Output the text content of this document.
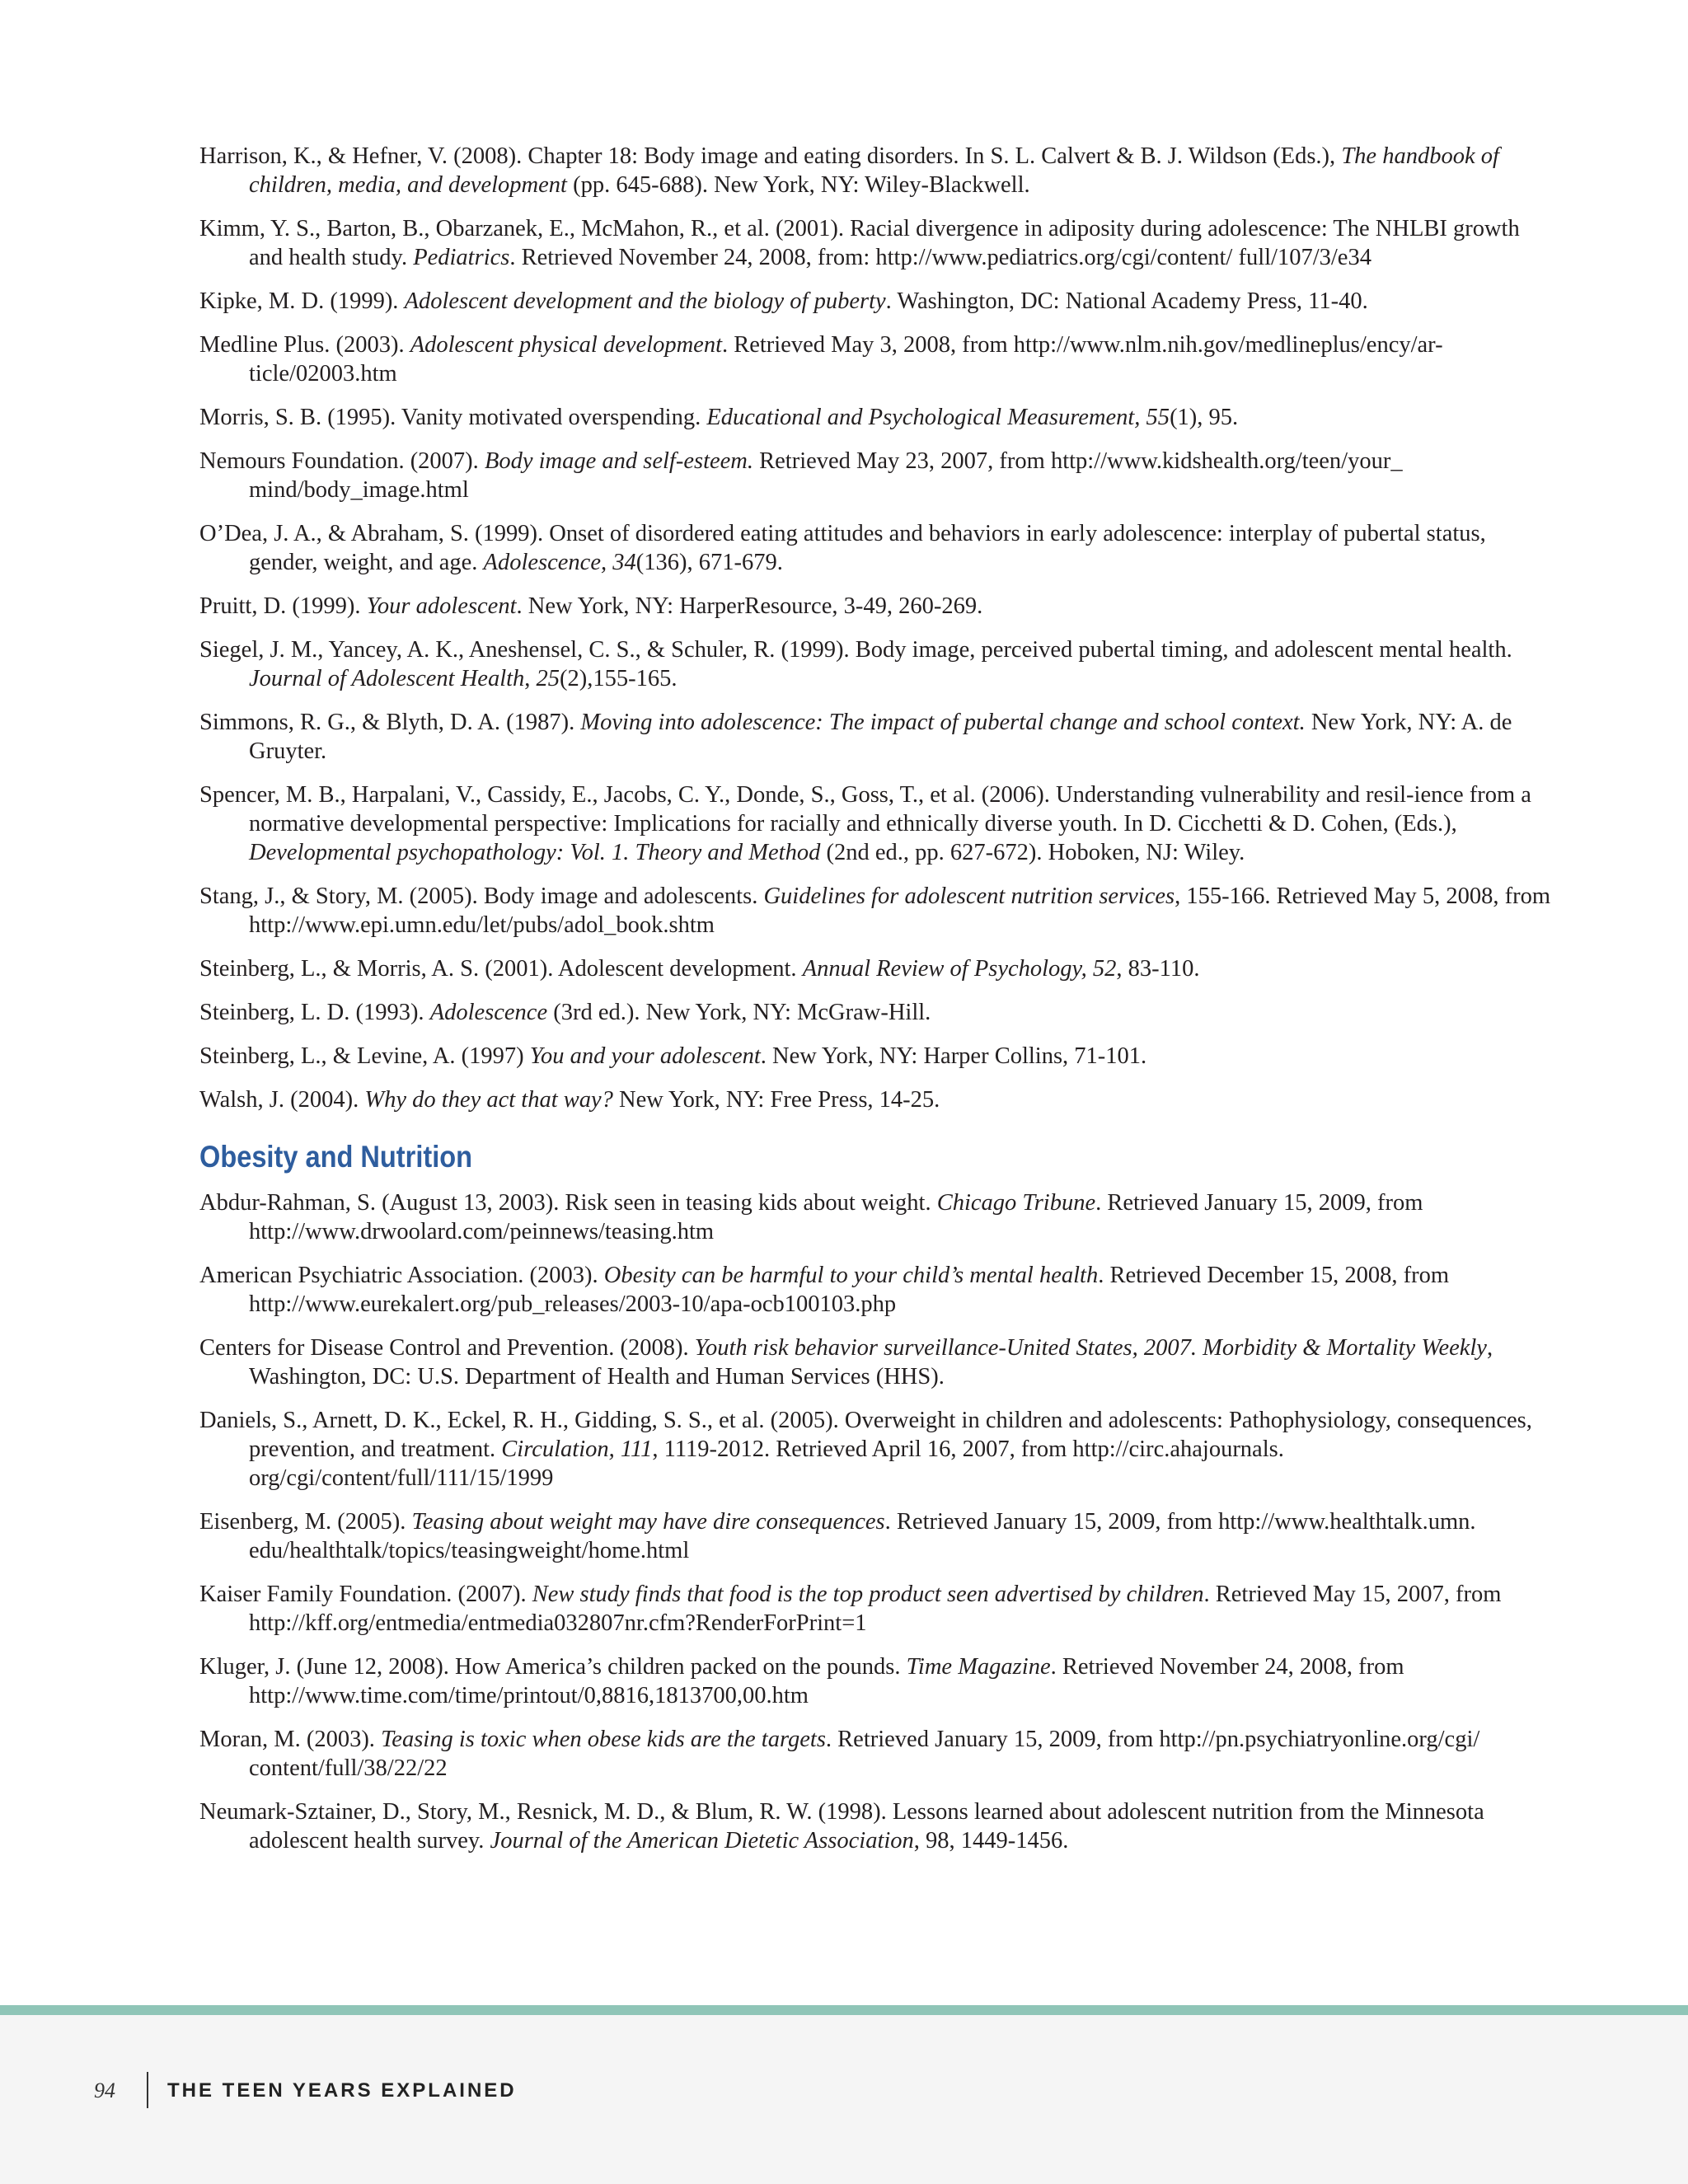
Harrison, K., & Hefner, V. (2008). Chapter 18: Body image and eating disorders. In S. L. Calvert & B. J. Wildson (Eds.), The handbook of children, media, and development (pp. 645-688). New York, NY: Wiley-Blackwell.
Kimm, Y. S., Barton, B., Obarzanek, E., McMahon, R., et al. (2001). Racial divergence in adiposity during adolescence: The NHLBI growth and health study. Pediatrics. Retrieved November 24, 2008, from: http://www.pediatrics.org/cgi/content/ full/107/3/e34
Kipke, M. D. (1999). Adolescent development and the biology of puberty. Washington, DC: National Academy Press, 11-40.
Medline Plus. (2003). Adolescent physical development. Retrieved May 3, 2008, from http://www.nlm.nih.gov/medlineplus/ency/ar-ticle/02003.htm
Morris, S. B. (1995). Vanity motivated overspending. Educational and Psychological Measurement, 55(1), 95.
Nemours Foundation. (2007). Body image and self-esteem. Retrieved May 23, 2007, from http://www.kidshealth.org/teen/your_ mind/body_image.html
O’Dea, J. A., & Abraham, S. (1999). Onset of disordered eating attitudes and behaviors in early adolescence: interplay of pubertal status, gender, weight, and age. Adolescence, 34(136), 671-679.
Pruitt, D. (1999). Your adolescent. New York, NY: HarperResource, 3-49, 260-269.
Siegel, J. M., Yancey, A. K., Aneshensel, C. S., & Schuler, R. (1999). Body image, perceived pubertal timing, and adolescent mental health. Journal of Adolescent Health, 25(2),155-165.
Simmons, R. G., & Blyth, D. A. (1987). Moving into adolescence: The impact of pubertal change and school context. New York, NY: A. de Gruyter.
Spencer, M. B., Harpalani, V., Cassidy, E., Jacobs, C. Y., Donde, S., Goss, T., et al. (2006). Understanding vulnerability and resil-ience from a normative developmental perspective: Implications for racially and ethnically diverse youth. In D. Cicchetti & D. Cohen, (Eds.), Developmental psychopathology: Vol. 1. Theory and Method (2nd ed., pp. 627-672). Hoboken, NJ: Wiley.
Stang, J., & Story, M. (2005). Body image and adolescents. Guidelines for adolescent nutrition services, 155-166. Retrieved May 5, 2008, from http://www.epi.umn.edu/let/pubs/adol_book.shtm
Steinberg, L., & Morris, A. S. (2001). Adolescent development. Annual Review of Psychology, 52, 83-110.
Steinberg, L. D. (1993). Adolescence (3rd ed.). New York, NY: McGraw-Hill.
Steinberg, L., & Levine, A. (1997) You and your adolescent. New York, NY: Harper Collins, 71-101.
Walsh, J. (2004). Why do they act that way? New York, NY: Free Press, 14-25.
Obesity and Nutrition
Abdur-Rahman, S. (August 13, 2003). Risk seen in teasing kids about weight. Chicago Tribune. Retrieved January 15, 2009, from http://www.drwoolard.com/peinnews/teasing.htm
American Psychiatric Association. (2003). Obesity can be harmful to your child’s mental health. Retrieved December 15, 2008, from http://www.eurekalert.org/pub_releases/2003-10/apa-ocb100103.php
Centers for Disease Control and Prevention. (2008). Youth risk behavior surveillance-United States, 2007. Morbidity & Mortality Weekly, Washington, DC: U.S. Department of Health and Human Services (HHS).
Daniels, S., Arnett, D. K., Eckel, R. H., Gidding, S. S., et al. (2005). Overweight in children and adolescents: Pathophysiology, consequences, prevention, and treatment. Circulation, 111, 1119-2012. Retrieved April 16, 2007, from http://circ.ahajournals. org/cgi/content/full/111/15/1999
Eisenberg, M. (2005). Teasing about weight may have dire consequences. Retrieved January 15, 2009, from http://www.healthtalk.umn. edu/healthtalk/topics/teasingweight/home.html
Kaiser Family Foundation. (2007). New study finds that food is the top product seen advertised by children. Retrieved May 15, 2007, from http://kff.org/entmedia/entmedia032807nr.cfm?RenderForPrint=1
Kluger, J. (June 12, 2008). How America’s children packed on the pounds. Time Magazine. Retrieved November 24, 2008, from http://www.time.com/time/printout/0,8816,1813700,00.htm
Moran, M. (2003). Teasing is toxic when obese kids are the targets. Retrieved January 15, 2009, from http://pn.psychiatryonline.org/cgi/ content/full/38/22/22
Neumark-Sztainer, D., Story, M., Resnick, M. D., & Blum, R. W. (1998). Lessons learned about adolescent nutrition from the Minnesota adolescent health survey. Journal of the American Dietetic Association, 98, 1449-1456.
94	THE TEEN YEARS EXPLAINED
